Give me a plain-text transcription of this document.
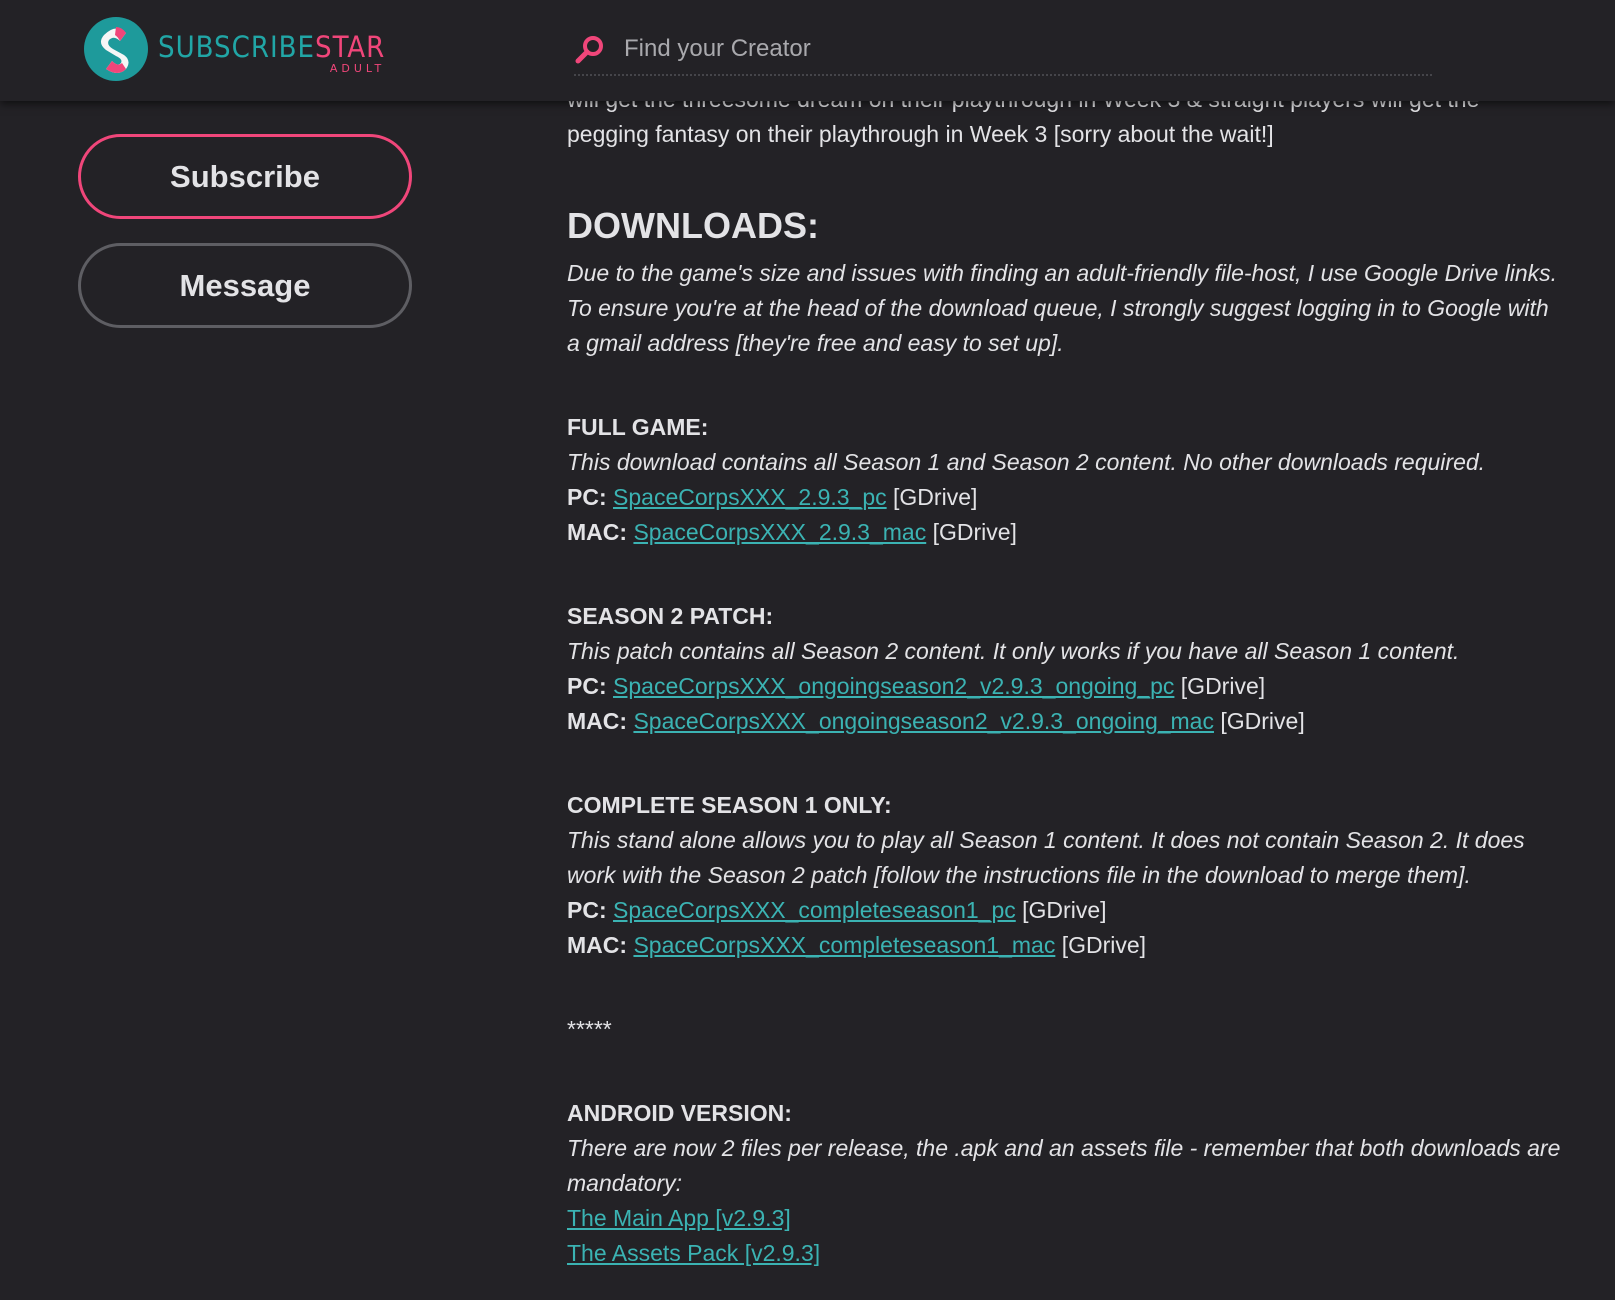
SUBSCRIBESTAR
ADULT
Find your Creator
Subscribe
Message

pegging fantasy on their playthrough in Week 3 [sorry about the wait!]

DOWNLOADS:

Due to the game's size and issues with finding an adult-friendly file-host, I use Google Drive links. To ensure you're at the head of the download queue, I strongly suggest logging in to Google with a gmail address [they're free and easy to set up].

FULL GAME:

This download contains all Season 1 and Season 2 content. No other downloads required.

PC: SpaceCorpsXXX_2.9.3_pc [GDrive]

MAC: SpaceCorpsXXX_2.9.3_mac [GDrive]

SEASON 2 PATCH:

This patch contains all Season 2 content. It only works if you have all Season 1 content.

PC: SpaceCorpsXXX_ongoingseason2_v2.9.3_ongoing_pc [GDrive]

MAC: SpaceCorpsXXX_ongoingseason2_v2.9.3_ongoing_mac [GDrive]

COMPLETE SEASON 1 ONLY:

This stand alone allows you to play all Season 1 content. It does not contain Season 2. It does

work with the Season 2 patch [follow the instructions file in the download to merge them].

PC: SpaceCorpsXXX_completeseason1_pc [GDrive]

MAC: SpaceCorpsXXX_completeseason1_mac [GDrive]

*****

ANDROID VERSION:

There are now 2 files per release, the .apk and an assets file - remember that both downloads are mandatory:

The Main App [v2.9.3]

The Assets Pack [v2.9.3]
